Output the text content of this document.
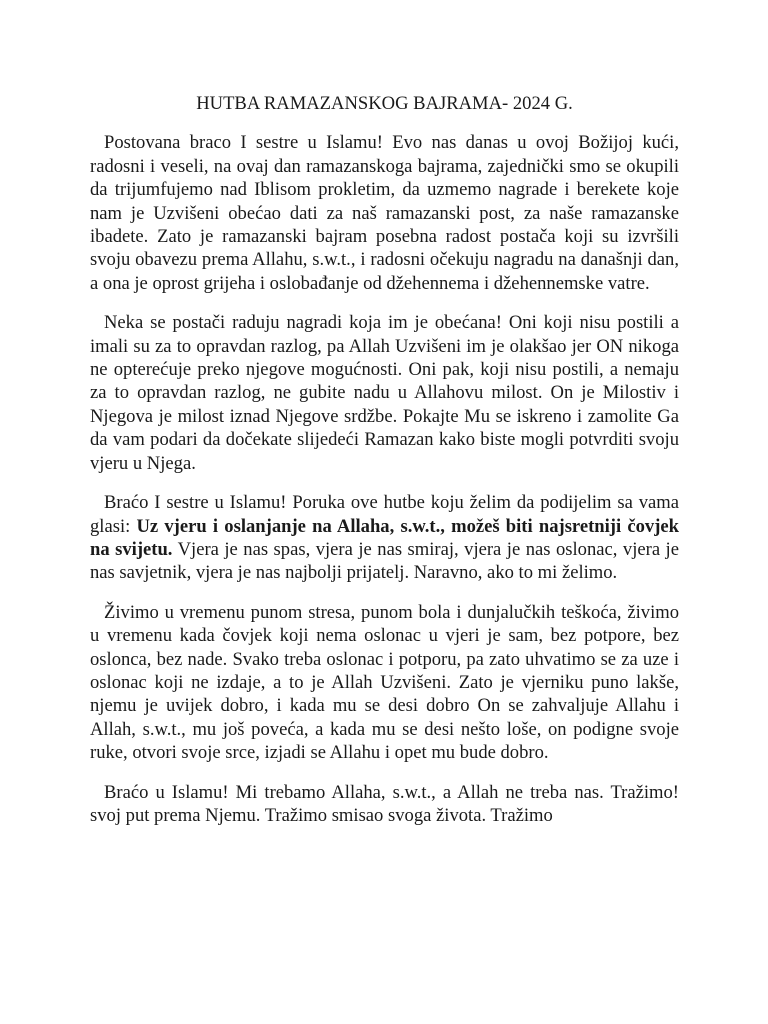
HUTBA RAMAZANSKOG BAJRAMA- 2024 G.

Postovana braco I sestre u Islamu! Evo nas danas u ovoj Božijoj kući, radosni i veseli, na ovaj dan ramazanskoga bajrama, zajednički smo se okupili da trijumfujemo nad Iblisom prokletim, da uzmemo nagrade i berekete koje nam je Uzvišeni obećao dati za naš ramazanski post, za naše ramazanske ibadete. Zato je ramazanski bajram posebna radost postača koji su izvršili svoju obavezu prema Allahu, s.w.t., i radosni očekuju nagradu na današnji dan, a ona je oprost grijeha i oslobađanje od džehennema i džehennemske vatre.

Neka se postači raduju nagradi koja im je obećana! Oni koji nisu postili a imali su za to opravdan razlog, pa Allah Uzvišeni im je olakšao jer ON nikoga ne opterećuje preko njegove mogućnosti. Oni pak, koji nisu postili, a nemaju za to opravdan razlog, ne gubite nadu u Allahovu milost. On je Milostiv i Njegova je milost iznad Njegove srdžbe. Pokajte Mu se iskreno i zamolite Ga da vam podari da dočekate slijedeći Ramazan kako biste mogli potvrditi svoju vjeru u Njega.

Braćo I sestre u Islamu! Poruka ove hutbe koju želim da podijelim sa vama glasi: Uz vjeru i oslanjanje na Allaha, s.w.t., možeš biti najsretniji čovjek na svijetu. Vjera je nas spas, vjera je nas smiraj, vjera je nas oslonac, vjera je nas savjetnik, vjera je nas najbolji prijatelj. Naravno, ako to mi želimo.

Živimo u vremenu punom stresa, punom bola i dunjalučkih teškoća, živimo u vremenu kada čovjek koji nema oslonac u vjeri je sam, bez potpore, bez oslonca, bez nade. Svako treba oslonac i potporu, pa zato uhvatimo se za uze i oslonac koji ne izdaje, a to je Allah Uzvišeni. Zato je vjerniku puno lakše, njemu je uvijek dobro, i kada mu se desi dobro On se zahvaljuje Allahu i Allah, s.w.t., mu još poveća, a kada mu se desi nešto loše, on podigne svoje ruke, otvori svoje srce, izjadi se Allahu i opet mu bude dobro.

Braćo u Islamu! Mi trebamo Allaha, s.w.t., a Allah ne treba nas. Tražimo! svoj put prema Njemu. Tražimo smisao svoga života. Tražimo
